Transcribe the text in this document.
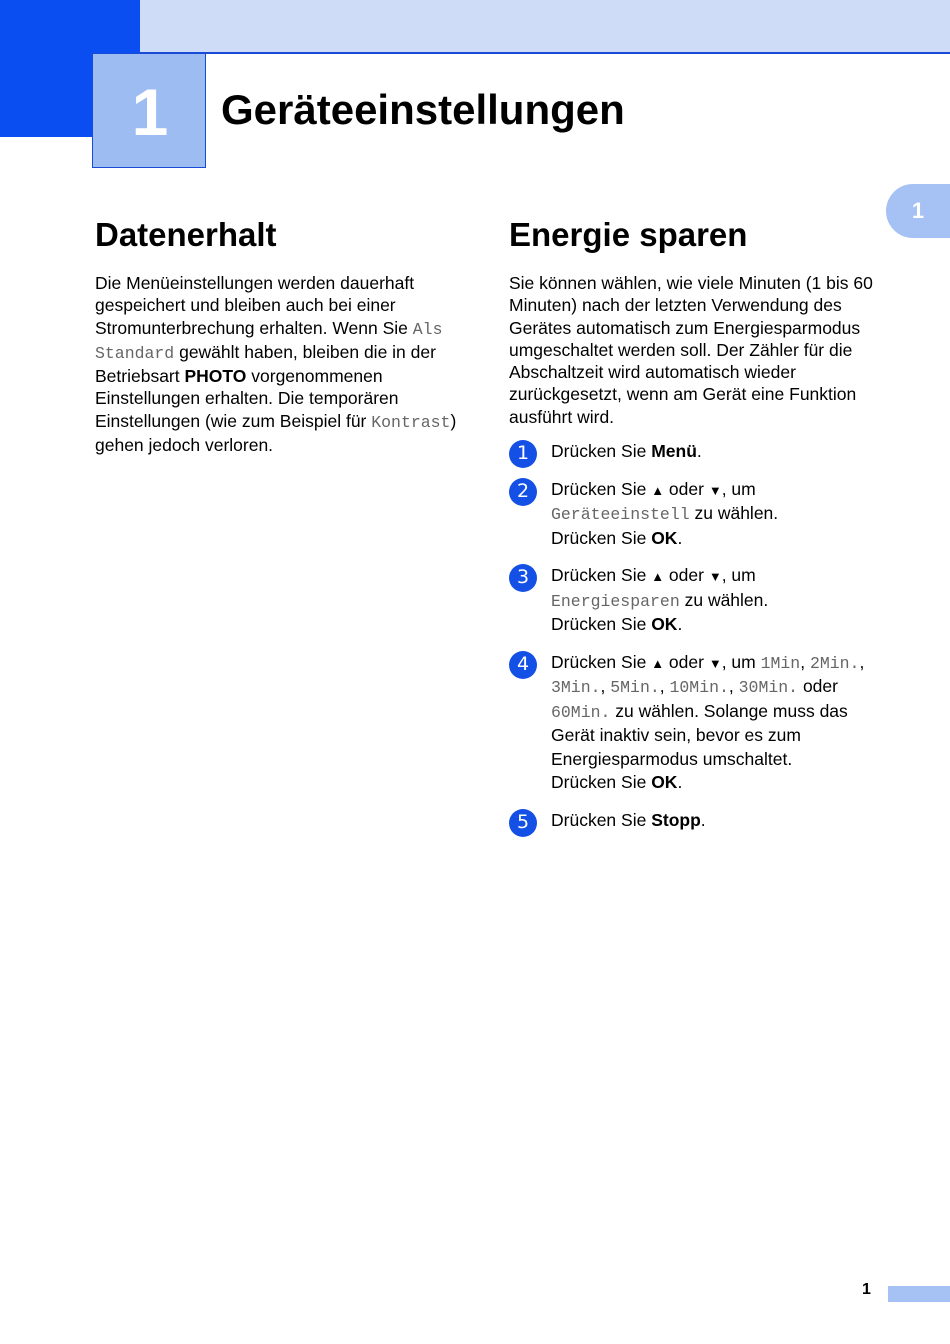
1	Geräteeinstellungen
1
Datenerhalt

Die Menüeinstellungen werden dauerhaft gespeichert und bleiben auch bei einer Stromunterbrechung erhalten. Wenn Sie Als Standard gewählt haben, bleiben die in der Betriebsart PHOTO vorgenommenen Einstellungen erhalten. Die temporären Einstellungen (wie zum Beispiel für Kontrast) gehen jedoch verloren.

Energie sparen

Sie können wählen, wie viele Minuten (1 bis 60 Minuten) nach der letzten Verwendung des Gerätes automatisch zum Energiesparmodus umgeschaltet werden soll. Der Zähler für die Abschaltzeit wird automatisch wieder zurückgesetzt, wenn am Gerät eine Funktion ausführt wird.

1	Drücken Sie Menü.
2	Drücken Sie ▲ oder ▼, um
Geräteeinstell zu wählen.
Drücken Sie OK.
3	Drücken Sie ▲ oder ▼, um
Energiesparen zu wählen.
Drücken Sie OK.
4	Drücken Sie ▲ oder ▼, um 1Min, 2Min.,
3Min., 5Min., 10Min., 30Min. oder
60Min. zu wählen. Solange muss das Gerät inaktiv sein, bevor es zum Energiesparmodus umschaltet.
Drücken Sie OK.
5	Drücken Sie Stopp.
1
